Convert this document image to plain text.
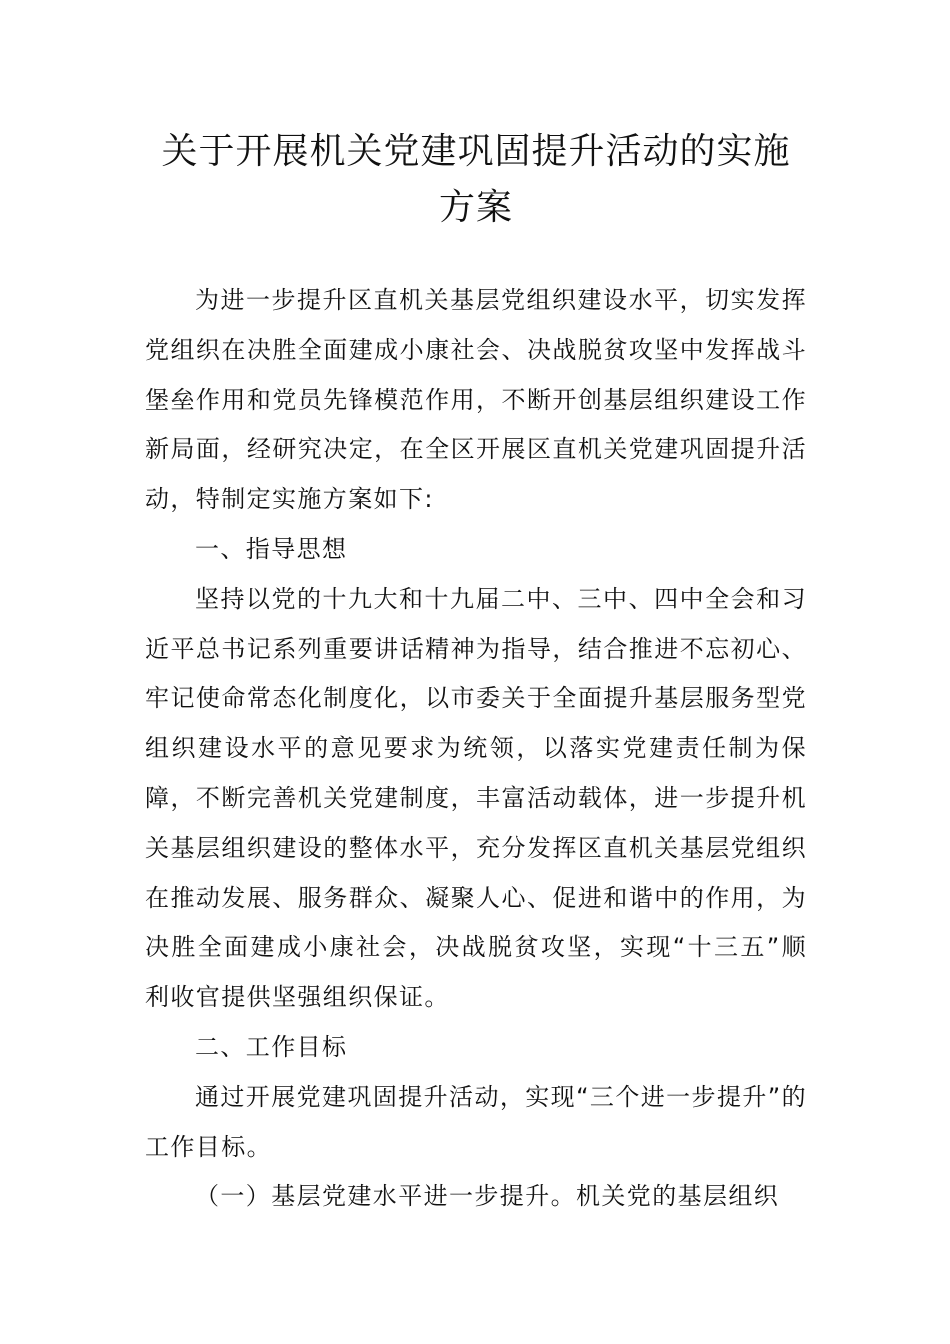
关于开展机关党建巩固提升活动的实施方案

为进一步提升区直机关基层党组织建设水平，切实发挥党组织在决胜全面建成小康社会、决战脱贫攻坚中发挥战斗堡垒作用和党员先锋模范作用，不断开创基层组织建设工作新局面，经研究决定，在全区开展区直机关党建巩固提升活动，特制定实施方案如下:

一、指导思想

坚持以党的十九大和十九届二中、三中、四中全会和习近平总书记系列重要讲话精神为指导，结合推进不忘初心、牢记使命常态化制度化，以市委关于全面提升基层服务型党组织建设水平的意见要求为统领，以落实党建责任制为保障，不断完善机关党建制度，丰富活动载体，进一步提升机关基层组织建设的整体水平，充分发挥区直机关基层党组织在推动发展、服务群众、凝聚人心、促进和谐中的作用，为决胜全面建成小康社会，决战脱贫攻坚，实现“十三五”顺利收官提供坚强组织保证。

二、工作目标

通过开展党建巩固提升活动，实现“三个进一步提升”的工作目标。

（一）基层党建水平进一步提升。机关党的基层组织
